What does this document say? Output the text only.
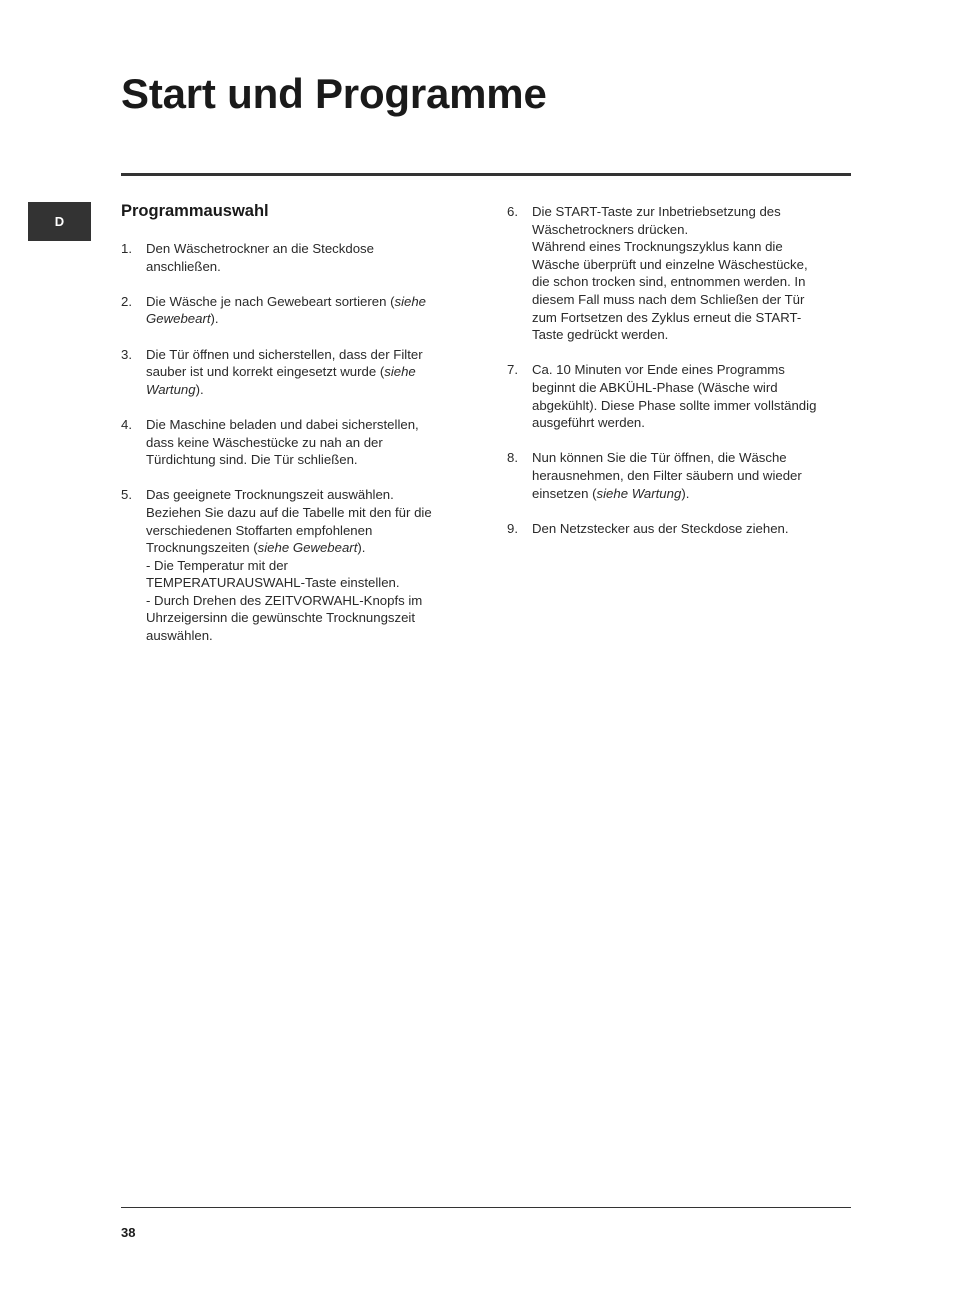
Start und Programme
D
Programmauswahl
1. Den Wäschetrockner an die Steckdose
anschließen.
2. Die Wäsche je nach Gewebeart sortieren (siehe
Gewebeart).
3. Die Tür öffnen und sicherstellen, dass der Filter
sauber ist und korrekt eingesetzt wurde (siehe
Wartung).
4. Die Maschine beladen und dabei sicherstellen,
dass keine Wäschestücke zu nah an der
Türdichtung sind. Die Tür schließen.
5. Das geeignete Trocknungszeit auswählen.
Beziehen Sie dazu auf die Tabelle mit den für die
verschiedenen Stoffarten empfohlenen
Trocknungszeiten (siehe Gewebeart).
- Die Temperatur mit der
TEMPERATURAUSWAHL-Taste einstellen.
- Durch Drehen des ZEITVORWAHL-Knopfs im
Uhrzeigersinn die gewünschte Trocknungszeit
auswählen.
6. Die START-Taste zur Inbetriebsetzung des
Wäschetrockners drücken.
Während eines Trocknungszyklus kann die
Wäsche überprüft und einzelne Wäschestücke,
die schon trocken sind, entnommen werden. In
diesem Fall muss nach dem Schließen der Tür
zum Fortsetzen des Zyklus erneut die START-
Taste gedrückt werden.
7. Ca. 10 Minuten vor Ende eines Programms
beginnt die ABKÜHL-Phase (Wäsche wird
abgekühlt). Diese Phase sollte immer vollständig
ausgeführt werden.
8. Nun können Sie die Tür öffnen, die Wäsche
herausnehmen, den Filter säubern und wieder
einsetzen (siehe Wartung).
9. Den Netzstecker aus der Steckdose ziehen.
38
